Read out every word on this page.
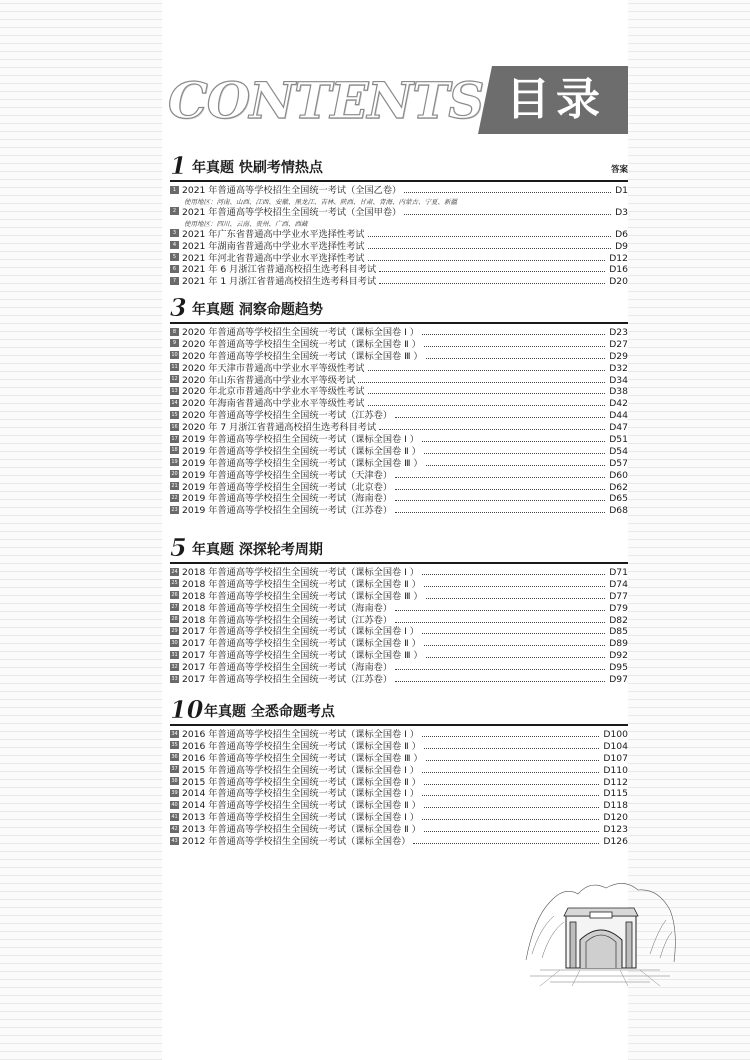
CONTENTS 目录
1 年真题 快刷考情热点	答案
1 2021 年普通高等学校招生全国统一考试（全国乙卷）	D1
使用地区：河南、山西、江西、安徽、黑龙江、吉林、陕西、甘肃、青海、内蒙古、宁夏、新疆
2 2021 年普通高等学校招生全国统一考试（全国甲卷）	D3
使用地区：四川、云南、贵州、广西、西藏
3 2021 年广东省普通高中学业水平选择性考试	D6
4 2021 年湖南省普通高中学业水平选择性考试	D9
5 2021 年河北省普通高中学业水平选择性考试	D12
6 2021 年 6 月浙江省普通高校招生选考科目考试	D16
7 2021 年 1 月浙江省普通高校招生选考科目考试	D20
3 年真题 洞察命题趋势
8 2020 年普通高等学校招生全国统一考试（课标全国卷 Ⅰ ）	D23
9 2020 年普通高等学校招生全国统一考试（课标全国卷 Ⅱ ）	D27
10 2020 年普通高等学校招生全国统一考试（课标全国卷 Ⅲ ）	D29
11 2020 年天津市普通高中学业水平等级性考试	D32
12 2020 年山东省普通高中学业水平等级考试	D34
13 2020 年北京市普通高中学业水平等级性考试	D38
14 2020 年海南省普通高中学业水平等级性考试	D42
15 2020 年普通高等学校招生全国统一考试（江苏卷）	D44
16 2020 年 7 月浙江省普通高校招生选考科目考试	D47
17 2019 年普通高等学校招生全国统一考试（课标全国卷 Ⅰ ）	D51
18 2019 年普通高等学校招生全国统一考试（课标全国卷 Ⅱ ）	D54
19 2019 年普通高等学校招生全国统一考试（课标全国卷 Ⅲ ）	D57
20 2019 年普通高等学校招生全国统一考试（天津卷）	D60
21 2019 年普通高等学校招生全国统一考试（北京卷）	D62
22 2019 年普通高等学校招生全国统一考试（海南卷）	D65
23 2019 年普通高等学校招生全国统一考试（江苏卷）	D68
5 年真题 深探轮考周期
24 2018 年普通高等学校招生全国统一考试（课标全国卷 Ⅰ ）	D71
25 2018 年普通高等学校招生全国统一考试（课标全国卷 Ⅱ ）	D74
26 2018 年普通高等学校招生全国统一考试（课标全国卷 Ⅲ ）	D77
27 2018 年普通高等学校招生全国统一考试（海南卷）	D79
28 2018 年普通高等学校招生全国统一考试（江苏卷）	D82
29 2017 年普通高等学校招生全国统一考试（课标全国卷 Ⅰ ）	D85
30 2017 年普通高等学校招生全国统一考试（课标全国卷 Ⅱ ）	D89
31 2017 年普通高等学校招生全国统一考试（课标全国卷 Ⅲ ）	D92
32 2017 年普通高等学校招生全国统一考试（海南卷）	D95
33 2017 年普通高等学校招生全国统一考试（江苏卷）	D97
10 年真题 全悉命题考点
34 2016 年普通高等学校招生全国统一考试（课标全国卷 Ⅰ ）	D100
35 2016 年普通高等学校招生全国统一考试（课标全国卷 Ⅱ ）	D104
36 2016 年普通高等学校招生全国统一考试（课标全国卷 Ⅲ ）	D107
37 2015 年普通高等学校招生全国统一考试（课标全国卷 Ⅰ ）	D110
38 2015 年普通高等学校招生全国统一考试（课标全国卷 Ⅱ ）	D112
39 2014 年普通高等学校招生全国统一考试（课标全国卷 Ⅰ ）	D115
40 2014 年普通高等学校招生全国统一考试（课标全国卷 Ⅱ ）	D118
41 2013 年普通高等学校招生全国统一考试（课标全国卷 Ⅰ ）	D120
42 2013 年普通高等学校招生全国统一考试（课标全国卷 Ⅱ ）	D123
43 2012 年普通高等学校招生全国统一考试（课标全国卷）	D126
